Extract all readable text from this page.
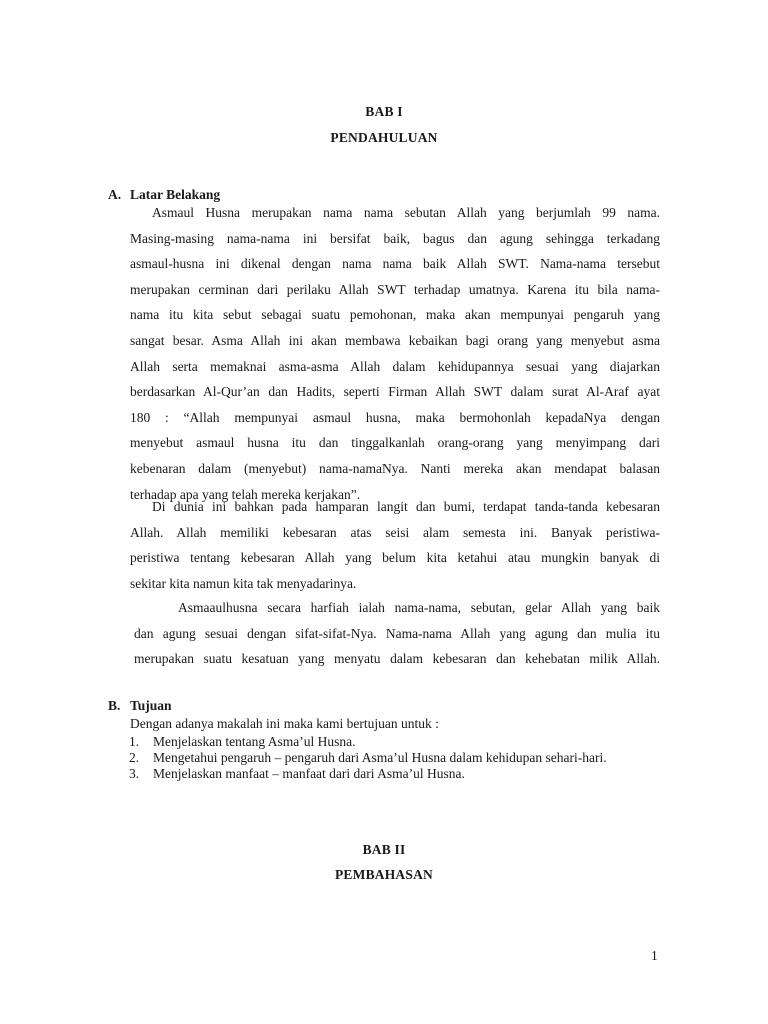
BAB I
PENDAHULUAN
A. Latar Belakang
Asmaul Husna merupakan nama nama sebutan Allah yang berjumlah 99 nama.
Masing-masing nama-nama ini bersifat baik, bagus dan agung sehingga terkadang
asmaul-husna ini dikenal dengan nama nama baik Allah SWT. Nama-nama tersebut
merupakan cerminan dari perilaku Allah SWT terhadap umatnya. Karena itu bila nama-
nama itu kita sebut sebagai suatu pemohonan, maka akan mempunyai pengaruh yang
sangat besar. Asma Allah ini akan membawa kebaikan bagi orang yang menyebut asma
Allah serta memaknai asma-asma Allah dalam kehidupannya sesuai yang diajarkan
berdasarkan Al-Qur’an dan Hadits, seperti Firman Allah SWT dalam surat Al-Araf ayat
180 : “Allah mempunyai asmaul husna, maka bermohonlah kepadaNya dengan
menyebut asmaul husna itu dan tinggalkanlah orang-orang yang menyimpang dari
kebenaran dalam (menyebut) nama-namaNya. Nanti mereka akan mendapat balasan
terhadap apa yang telah mereka kerjakan”.
Di dunia ini bahkan pada hamparan langit dan bumi, terdapat tanda-tanda kebesaran
Allah. Allah memiliki kebesaran atas seisi alam semesta ini. Banyak peristiwa-
peristiwa tentang kebesaran Allah yang belum kita ketahui atau mungkin banyak di
sekitar kita namun kita tak menyadarinya.
Asmaaulhusna secara harfiah ialah nama-nama, sebutan, gelar Allah yang baik
dan agung sesuai dengan sifat-sifat-Nya. Nama-nama Allah yang agung dan mulia itu
merupakan suatu kesatuan yang menyatu dalam kebesaran dan kehebatan milik Allah.
B. Tujuan
Dengan adanya makalah ini maka kami bertujuan untuk :
1. Menjelaskan tentang Asma’ul Husna.
2. Mengetahui pengaruh – pengaruh dari Asma’ul Husna dalam kehidupan sehari-hari.
3. Menjelaskan manfaat – manfaat dari dari Asma’ul Husna.
BAB II
PEMBAHASAN
1
